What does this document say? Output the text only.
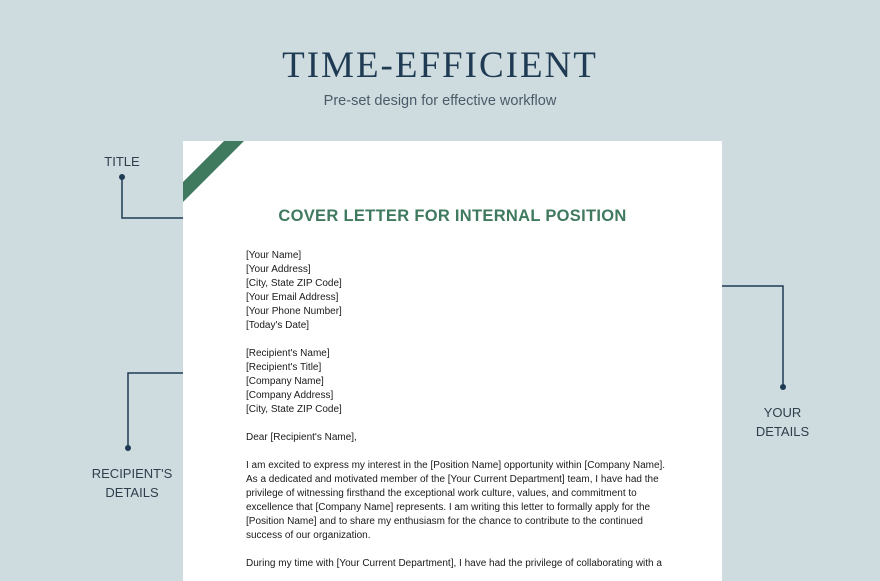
TIME-EFFICIENT
Pre-set design for effective workflow
TITLE
YOUR
DETAILS
RECIPIENT'S
DETAILS
COVER LETTER FOR INTERNAL POSITION
[Your Name]
[Your Address]
[City, State ZIP Code]
[Your Email Address]
[Your Phone Number]
[Today's Date]
[Recipient's Name]
[Recipient's Title]
[Company Name]
[Company Address]
[City, State ZIP Code]
Dear [Recipient's Name],
I am excited to express my interest in the [Position Name] opportunity within [Company Name].
As a dedicated and motivated member of the [Your Current Department] team, I have had the
privilege of witnessing firsthand the exceptional work culture, values, and commitment to
excellence that [Company Name] represents. I am writing this letter to formally apply for the
[Position Name] and to share my enthusiasm for the chance to contribute to the continued
success of our organization.
During my time with [Your Current Department], I have had the privilege of collaborating with a
